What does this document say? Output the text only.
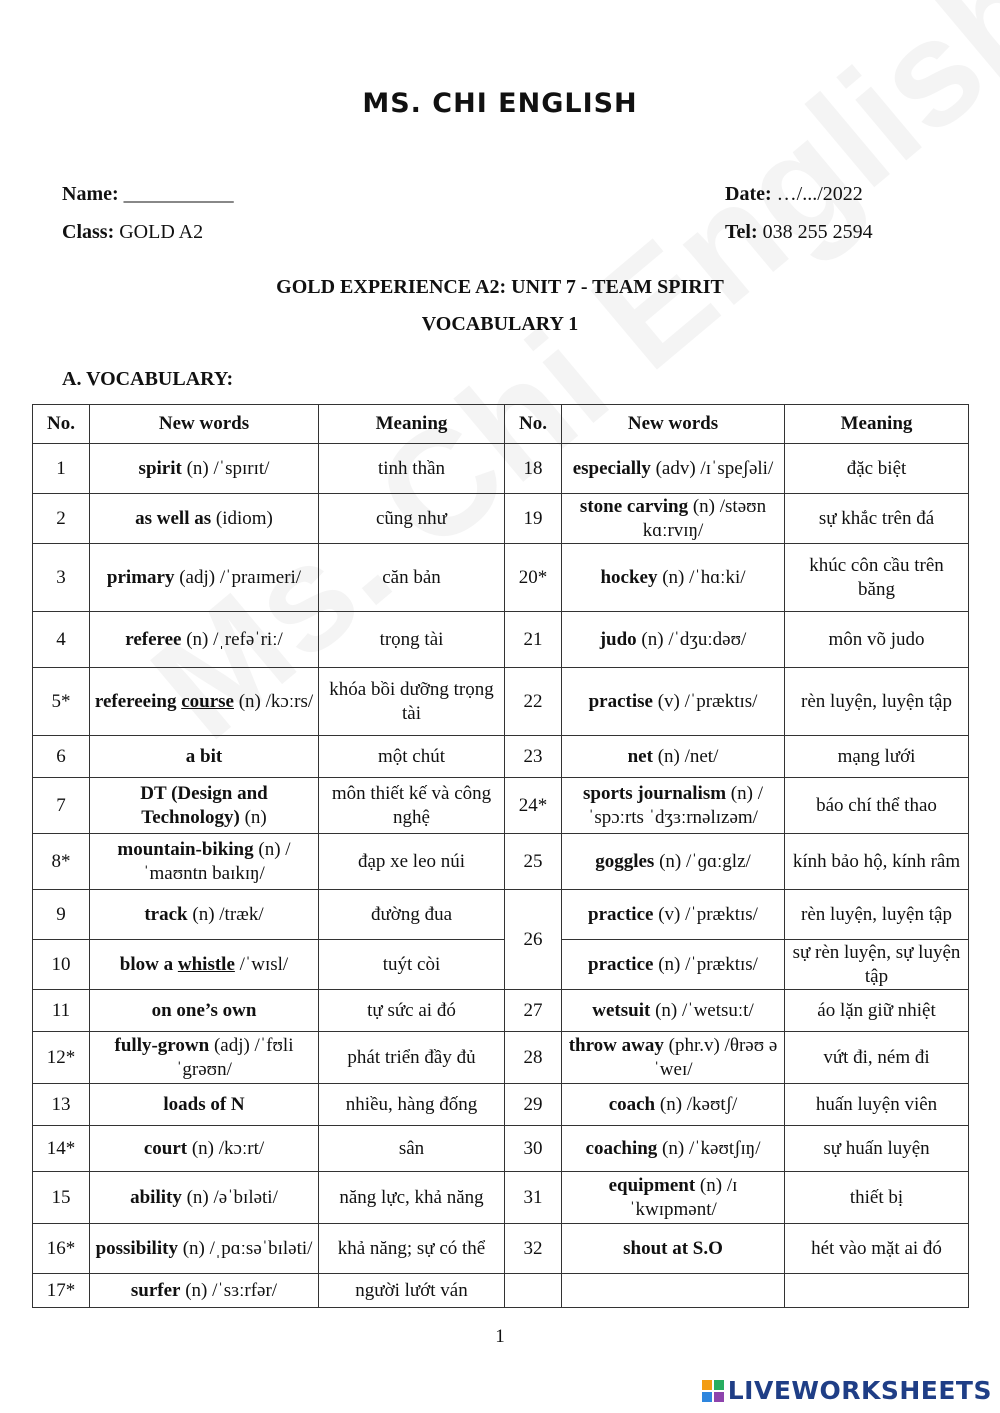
MS. CHI ENGLISH
Name: ___________	Date: …/.../2022
Class: GOLD A2	Tel: 038 255 2594
GOLD EXPERIENCE A2: UNIT 7 - TEAM SPIRIT
VOCABULARY 1
A. VOCABULARY:
No.	New words	Meaning	No.	New words	Meaning
1	spirit (n) /ˈspɪrɪt/	tinh thần	18	especially (adv) /ɪˈspeʃəli/	đặc biệt
2	as well as (idiom)	cũng như	19	stone carving (n) /stəʊn kɑːrvɪŋ/	sự khắc trên đá
3	primary (adj) /ˈpraɪmeri/	căn bản	20*	hockey (n) /ˈhɑːki/	khúc côn cầu trên băng
4	referee (n) /ˌrefəˈriː/	trọng tài	21	judo (n) /ˈdʒuːdəʊ/	môn võ judo
5*	refereeing course (n) /kɔːrs/	khóa bồi dưỡng trọng tài	22	practise (v) /ˈpræktɪs/	rèn luyện, luyện tập
6	a bit	một chút	23	net (n) /net/	mạng lưới
7	DT (Design and Technology) (n)	môn thiết kế và công nghệ	24*	sports journalism (n) /ˈspɔːrts ˈdʒɜːrnəlɪzəm/	báo chí thể thao
8*	mountain-biking (n) /ˈmaʊntn baɪkɪŋ/	đạp xe leo núi	25	goggles (n) /ˈɡɑːglz/	kính bảo hộ, kính râm
9	track (n) /træk/	đường đua	26	practice (v) /ˈpræktɪs/	rèn luyện, luyện tập
10	blow a whistle /ˈwɪsl/	tuýt còi		practice (n) /ˈpræktɪs/	sự rèn luyện, sự luyện tập
11	on one’s own	tự sức ai đó	27	wetsuit (n) /ˈwetsuːt/	áo lặn giữ nhiệt
12*	fully-grown (adj) /ˈfʊliˈgrəʊn/	phát triển đầy đủ	28	throw away (phr.v) /θrəʊ əˈweɪ/	vứt đi, ném đi
13	loads of N	nhiều, hàng đống	29	coach (n) /kəʊtʃ/	huấn luyện viên
14*	court (n) /kɔːrt/	sân	30	coaching (n) /ˈkəʊtʃɪŋ/	sự huấn luyện
15	ability (n) /əˈbɪləti/	năng lực, khả năng	31	equipment (n) /ɪˈkwɪpmənt/	thiết bị
16*	possibility (n) /ˌpɑːsəˈbɪləti/	khả năng; sự có thể	32	shout at S.O	hét vào mặt ai đó
17*	surfer (n) /ˈsɜːrfər/	người lướt ván			
1
LIVEWORKSHEETS
